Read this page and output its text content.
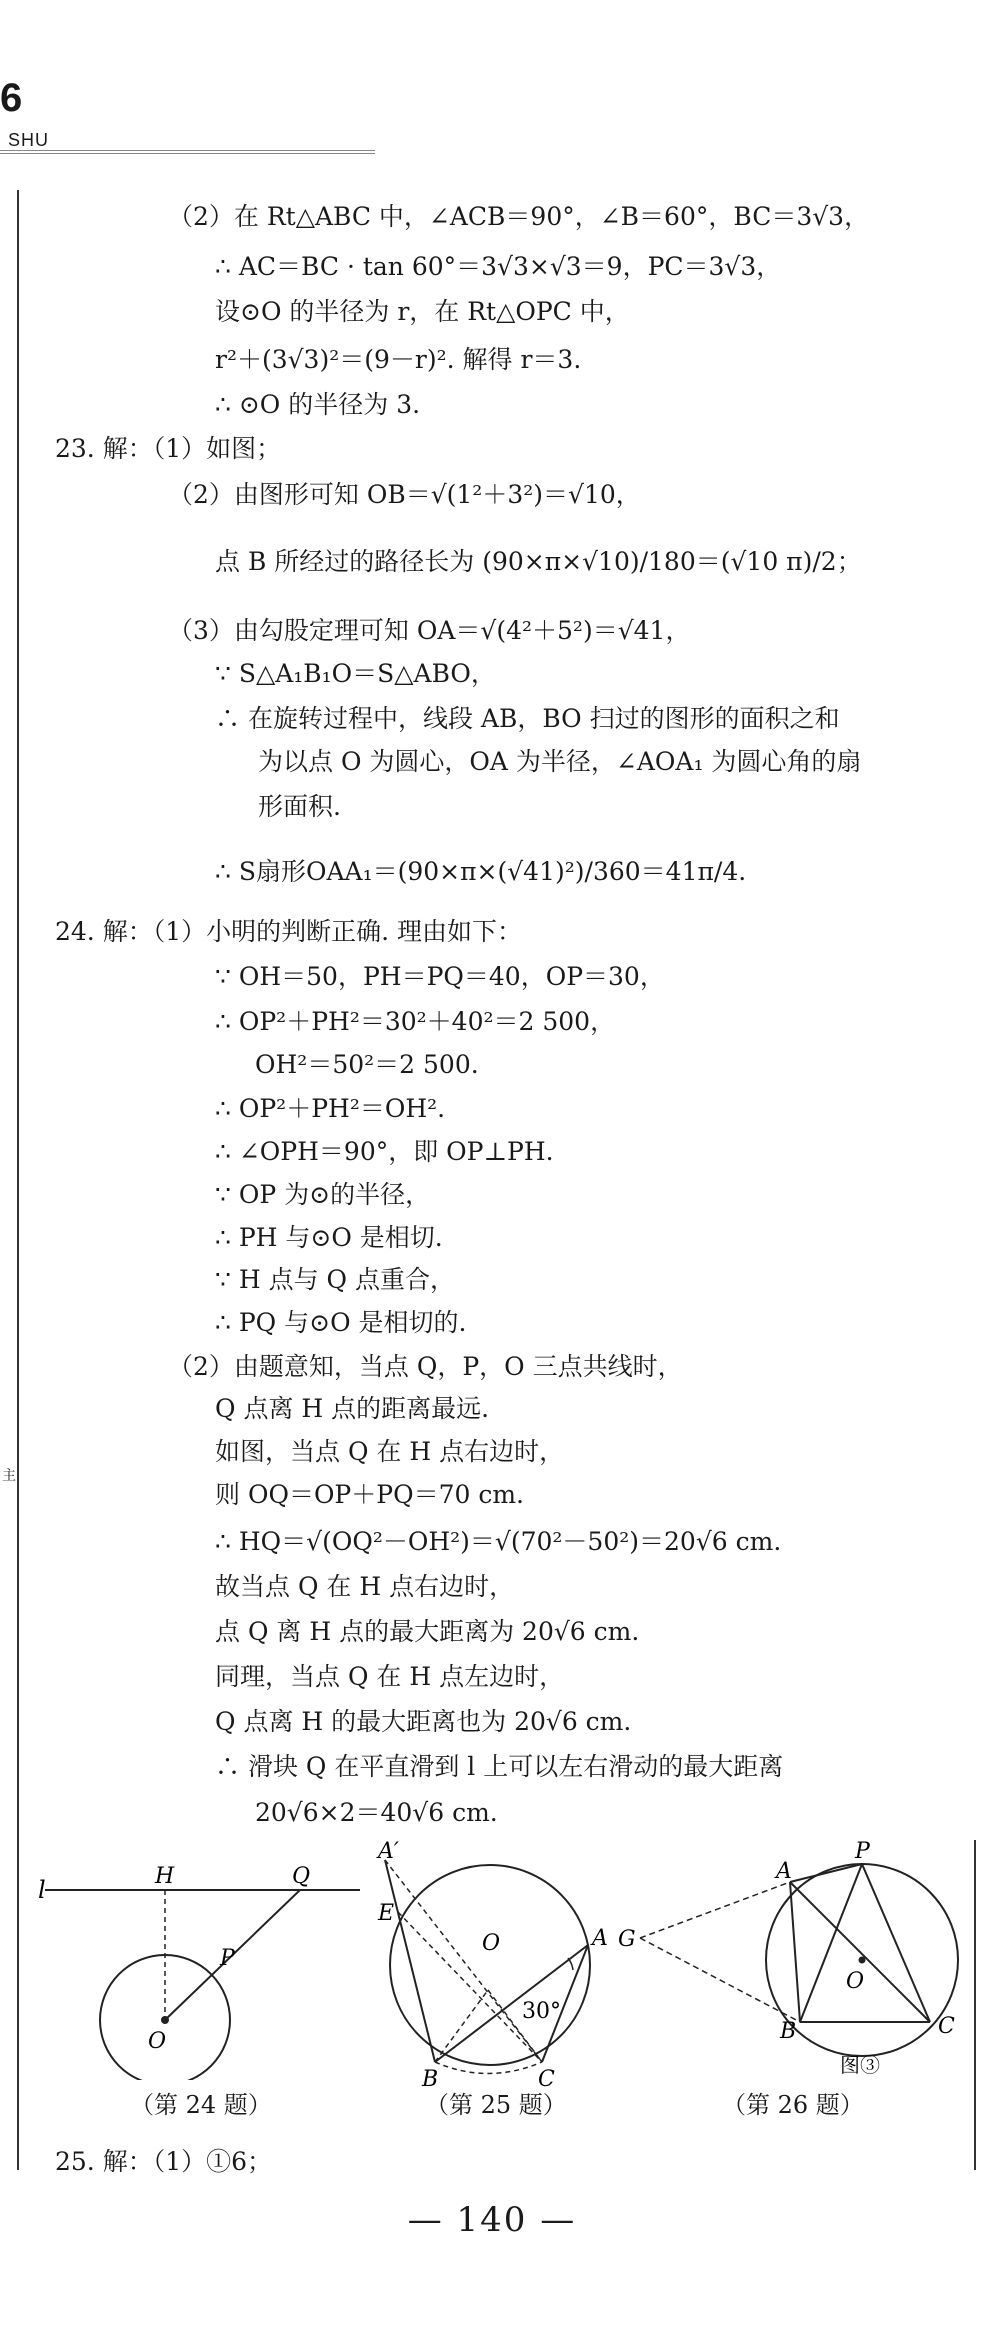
6
SHU
主
（2）在 Rt△ABC 中，∠ACB＝90°，∠B＝60°，BC＝3√3，
∴ AC＝BC · tan 60°＝3√3×√3＝9，PC＝3√3，
设⊙O 的半径为 r，在 Rt△OPC 中，
r²＋(3√3)²＝(9－r)². 解得 r＝3.
∴ ⊙O 的半径为 3.
23. 解：（1）如图；
（2）由图形可知 OB＝√(1²＋3²)＝√10，
点 B 所经过的路径长为 (90×π×√10)/180＝(√10 π)/2；
（3）由勾股定理可知 OA＝√(4²＋5²)＝√41，
∵ S△A₁B₁O＝S△ABO，
∴ 在旋转过程中，线段 AB，BO 扫过的图形的面积之和
为以点 O 为圆心，OA 为半径，∠AOA₁ 为圆心角的扇
形面积.
∴ S扇形OAA₁＝(90×π×(√41)²)/360＝41π/4.
24. 解：（1）小明的判断正确. 理由如下：
∵ OH＝50，PH＝PQ＝40，OP＝30，
∴ OP²＋PH²＝30²＋40²＝2 500，
OH²＝50²＝2 500.
∴ OP²＋PH²＝OH².
∴ ∠OPH＝90°，即 OP⊥PH.
∵ OP 为⊙的半径，
∴ PH 与⊙O 是相切.
∵ H 点与 Q 点重合，
∴ PQ 与⊙O 是相切的.
（2）由题意知，当点 Q，P，O 三点共线时，
Q 点离 H 点的距离最远.
如图，当点 Q 在 H 点右边时，
则 OQ＝OP＋PQ＝70 cm.
∴ HQ＝√(OQ²－OH²)＝√(70²－50²)＝20√6 cm.
故当点 Q 在 H 点右边时，
点 Q 离 H 点的最大距离为 20√6 cm.
同理，当点 Q 在 H 点左边时，
Q 点离 H 的最大距离也为 20√6 cm.
∴ 滑块 Q 在平直滑到 l 上可以左右滑动的最大距离
20√6×2＝40√6 cm.
25. 解：（1）①6；
l	H	Q
P
O
（第 24 题）
A′
E
O	A
30°
B	C
（第 25 题）
P
A
G
O
B	C
图③
（第 26 题）
— 140 —
